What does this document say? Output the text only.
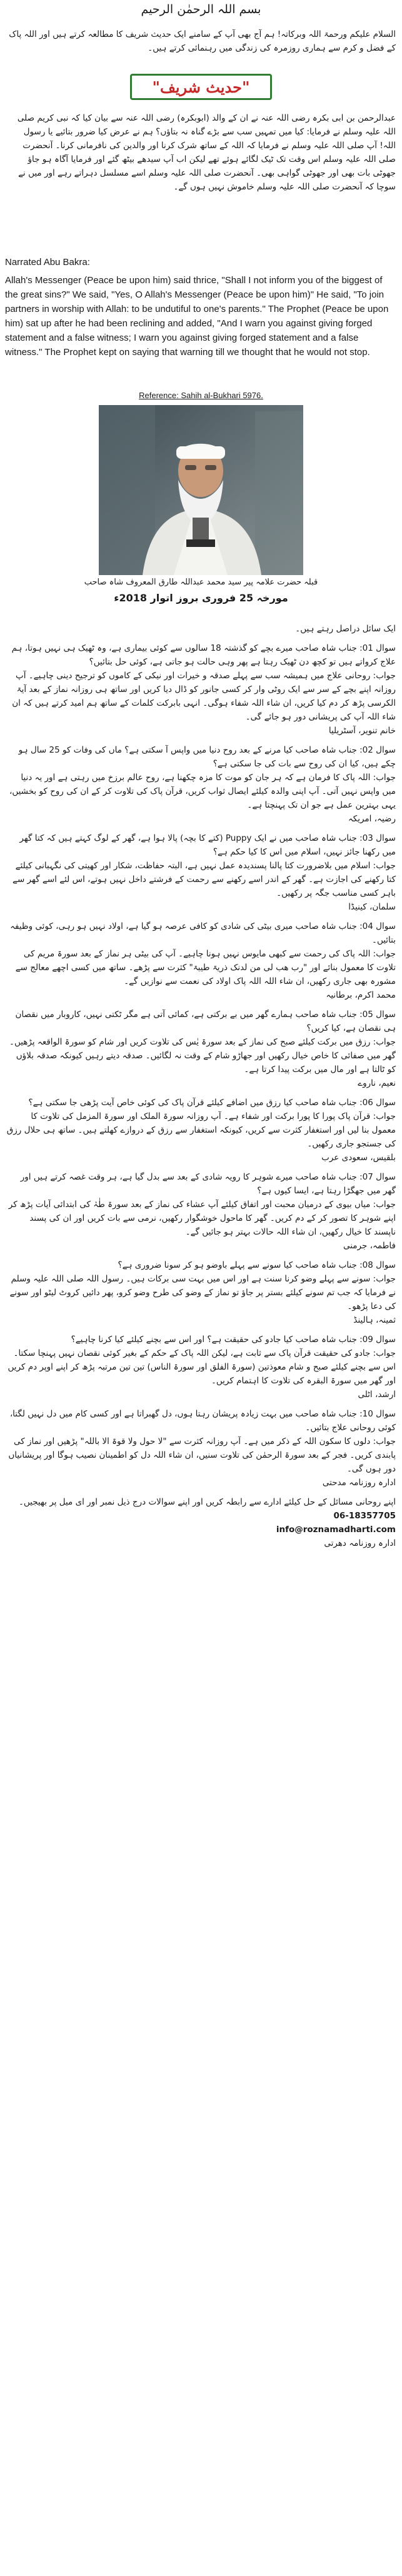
بسم اللہ الرحمٰن الرحیم
السلام علیکم ورحمۃ اللہ وبرکاتہ! ہم آج بھی آپ کے سامنے ایک حدیث شریف کا مطالعہ کرتے ہیں اور اللہ پاک کے فضل و کرم سے ہماری روزمرہ کی زندگی میں رہنمائی کرتے ہیں۔
"حدیث شریف"
عبدالرحمن بن ابی بکرہ رضی اللہ عنہ نے ان کے والد (ابوبکرہ) رضی اللہ عنہ سے بیان کیا کہ نبی کریم صلی اللہ علیہ وسلم نے فرمایا: کیا میں تمہیں سب سے بڑے گناہ نہ بتاؤں؟ ہم نے عرض کیا ضرور بتائیے یا رسول اللہ! آپ صلی اللہ علیہ وسلم نے فرمایا کہ اللہ کے ساتھ شرک کرنا اور والدین کی نافرمانی کرنا۔ آنحضرت صلی اللہ علیہ وسلم اس وقت تک ٹیک لگائے ہوئے تھے لیکن اب آپ سیدھے بیٹھ گئے اور فرمایا آگاہ ہو جاؤ جھوٹی بات بھی اور جھوٹی گواہی بھی۔ آنحضرت صلی اللہ علیہ وسلم اسے مسلسل دہراتے رہے اور میں نے سوچا کہ آنحضرت صلی اللہ علیہ وسلم خاموش نہیں ہوں گے۔

Narrated Abu Bakra:

Allah's Messenger (Peace be upon him) said thrice, "Shall I not inform you of the biggest of the great sins?" We said, "Yes, O Allah's Messenger (Peace be upon him)" He said, "To join partners in worship with Allah: to be undutiful to one's parents." The Prophet (Peace be upon him) sat up after he had been reclining and added, "And I warn you against giving forged statement and a false witness; I warn you against giving forged statement and a false witness." The Prophet kept on saying that warning till we thought that he would not stop.

Reference: Sahih al-Bukhari 5976.
قبلہ حضرت علامہ پیر سید محمد عبداللہ طارق المعروف شاہ صاحب
مورخہ 25 فروری بروز اتوار 2018ء

ایک سائل دراصل رہتے ہیں۔

سوال 01: جناب شاہ صاحب میرے بچے کو گذشتہ 18 سالوں سے کوئی بیماری ہے، وہ ٹھیک ہی نہیں ہوتا، ہم علاج کرواتے ہیں تو کچھ دن ٹھیک رہتا ہے پھر وہی حالت ہو جاتی ہے، کوئی حل بتائیں؟

جواب: روحانی علاج میں ہمیشہ سب سے پہلے صدقہ و خیرات اور نیکی کے کاموں کو ترجیح دینی چاہیے۔ آپ روزانہ اپنے بچے کے سر سے ایک روٹی وار کر کسی جانور کو ڈال دیا کریں اور ساتھ ہی روزانہ نماز کے بعد آیۃ الکرسی پڑھ کر دم کیا کریں، ان شاء اللہ شفاء ہوگی۔ انہی بابرکت کلمات کے ساتھ ہم امید کرتے ہیں کہ ان شاء اللہ آپ کی پریشانی دور ہو جائے گی۔

خانم تنویر، آسٹریلیا

سوال 02: جناب شاہ صاحب کیا مرنے کے بعد روح دنیا میں واپس آ سکتی ہے؟ ماں کی وفات کو 25 سال ہو چکے ہیں، کیا ان کی روح سے بات کی جا سکتی ہے؟

جواب: اللہ پاک کا فرمان ہے کہ ہر جان کو موت کا مزہ چکھنا ہے، روح عالم برزخ میں رہتی ہے اور یہ دنیا میں واپس نہیں آتی۔ آپ اپنی والدہ کیلئے ایصال ثواب کریں، قرآن پاک کی تلاوت کر کے ان کی روح کو بخشیں، یہی بہترین عمل ہے جو ان تک پہنچتا ہے۔

رضیہ، امریکہ

سوال 03: جناب شاہ صاحب میں نے ایک Puppy (کتے کا بچہ) پالا ہوا ہے، گھر کے لوگ کہتے ہیں کہ کتا گھر میں رکھنا جائز نہیں، اسلام میں اس کا کیا حکم ہے؟

جواب: اسلام میں بلاضرورت کتا پالنا پسندیدہ عمل نہیں ہے، البتہ حفاظت، شکار اور کھیتی کی نگہبانی کیلئے کتا رکھنے کی اجازت ہے۔ گھر کے اندر اسے رکھنے سے رحمت کے فرشتے داخل نہیں ہوتے، اس لئے اسے گھر سے باہر کسی مناسب جگہ پر رکھیں۔

سلمان، کینیڈا

سوال 04: جناب شاہ صاحب میری بیٹی کی شادی کو کافی عرصہ ہو گیا ہے، اولاد نہیں ہو رہی، کوئی وظیفہ بتائیں۔

جواب: اللہ پاک کی رحمت سے کبھی مایوس نہیں ہونا چاہیے۔ آپ کی بیٹی ہر نماز کے بعد سورۃ مریم کی تلاوت کا معمول بنائے اور "رب ھب لی من لدنک ذریۃ طیبۃ" کثرت سے پڑھے۔ ساتھ میں کسی اچھے معالج سے مشورہ بھی جاری رکھیں، ان شاء اللہ اللہ پاک اولاد کی نعمت سے نوازیں گے۔

محمد اکرم، برطانیہ

سوال 05: جناب شاہ صاحب ہمارے گھر میں بے برکتی ہے، کمائی آتی ہے مگر ٹکتی نہیں، کاروبار میں نقصان ہی نقصان ہے، کیا کریں؟

جواب: رزق میں برکت کیلئے صبح کی نماز کے بعد سورۃ یٰس کی تلاوت کریں اور شام کو سورۃ الواقعہ پڑھیں۔ گھر میں صفائی کا خاص خیال رکھیں اور جھاڑو شام کے وقت نہ لگائیں۔ صدقہ دیتے رہیں کیونکہ صدقہ بلاؤں کو ٹالتا ہے اور مال میں برکت پیدا کرتا ہے۔

نعیم، ناروے

سوال 06: جناب شاہ صاحب کیا رزق میں اضافے کیلئے قرآن پاک کی کوئی خاص آیت پڑھی جا سکتی ہے؟

جواب: قرآن پاک پورا کا پورا برکت اور شفاء ہے۔ آپ روزانہ سورۃ الملک اور سورۃ المزمل کی تلاوت کا معمول بنا لیں اور استغفار کثرت سے کریں، کیونکہ استغفار سے رزق کے دروازے کھلتے ہیں۔ ساتھ ہی حلال رزق کی جستجو جاری رکھیں۔

بلقیس، سعودی عرب

سوال 07: جناب شاہ صاحب میرے شوہر کا رویہ شادی کے بعد سے بدل گیا ہے، ہر وقت غصہ کرتے ہیں اور گھر میں جھگڑا رہتا ہے، ایسا کیوں ہے؟

جواب: میاں بیوی کے درمیان محبت اور اتفاق کیلئے آپ عشاء کی نماز کے بعد سورۃ طٰہٰ کی ابتدائی آیات پڑھ کر اپنے شوہر کا تصور کر کے دم کریں۔ گھر کا ماحول خوشگوار رکھیں، نرمی سے بات کریں اور ان کی پسند ناپسند کا خیال رکھیں، ان شاء اللہ حالات بہتر ہو جائیں گے۔

فاطمہ، جرمنی

سوال 08: جناب شاہ صاحب کیا سونے سے پہلے باوضو ہو کر سونا ضروری ہے؟

جواب: سونے سے پہلے وضو کرنا سنت ہے اور اس میں بہت سی برکات ہیں۔ رسول اللہ صلی اللہ علیہ وسلم نے فرمایا کہ جب تم سونے کیلئے بستر پر جاؤ تو نماز کے وضو کی طرح وضو کرو، پھر دائیں کروٹ لیٹو اور سونے کی دعا پڑھو۔

ثمینہ، ہالینڈ

سوال 09: جناب شاہ صاحب کیا جادو کی حقیقت ہے؟ اور اس سے بچنے کیلئے کیا کرنا چاہیے؟

جواب: جادو کی حقیقت قرآن پاک سے ثابت ہے، لیکن اللہ پاک کے حکم کے بغیر کوئی نقصان نہیں پہنچا سکتا۔ اس سے بچنے کیلئے صبح و شام معوذتین (سورۃ الفلق اور سورۃ الناس) تین تین مرتبہ پڑھ کر اپنے اوپر دم کریں اور گھر میں سورۃ البقرہ کی تلاوت کا اہتمام کریں۔

ارشد، اٹلی

سوال 10: جناب شاہ صاحب میں بہت زیادہ پریشان رہتا ہوں، دل گھبراتا ہے اور کسی کام میں دل نہیں لگتا، کوئی روحانی علاج بتائیں۔

جواب: دلوں کا سکون اللہ کے ذکر میں ہے۔ آپ روزانہ کثرت سے "لا حول ولا قوۃ الا باللہ" پڑھیں اور نماز کی پابندی کریں۔ فجر کے بعد سورۃ الرحمٰن کی تلاوت سنیں، ان شاء اللہ دل کو اطمینان نصیب ہوگا اور پریشانیاں دور ہوں گی۔

ادارہ روزنامہ مدحتی

اپنے روحانی مسائل کے حل کیلئے ادارے سے رابطہ کریں اور اپنے سوالات درج ذیل نمبر اور ای میل پر بھیجیں۔

06-18357705

info@roznamadharti.com

ادارہ روزنامہ دھرتی
